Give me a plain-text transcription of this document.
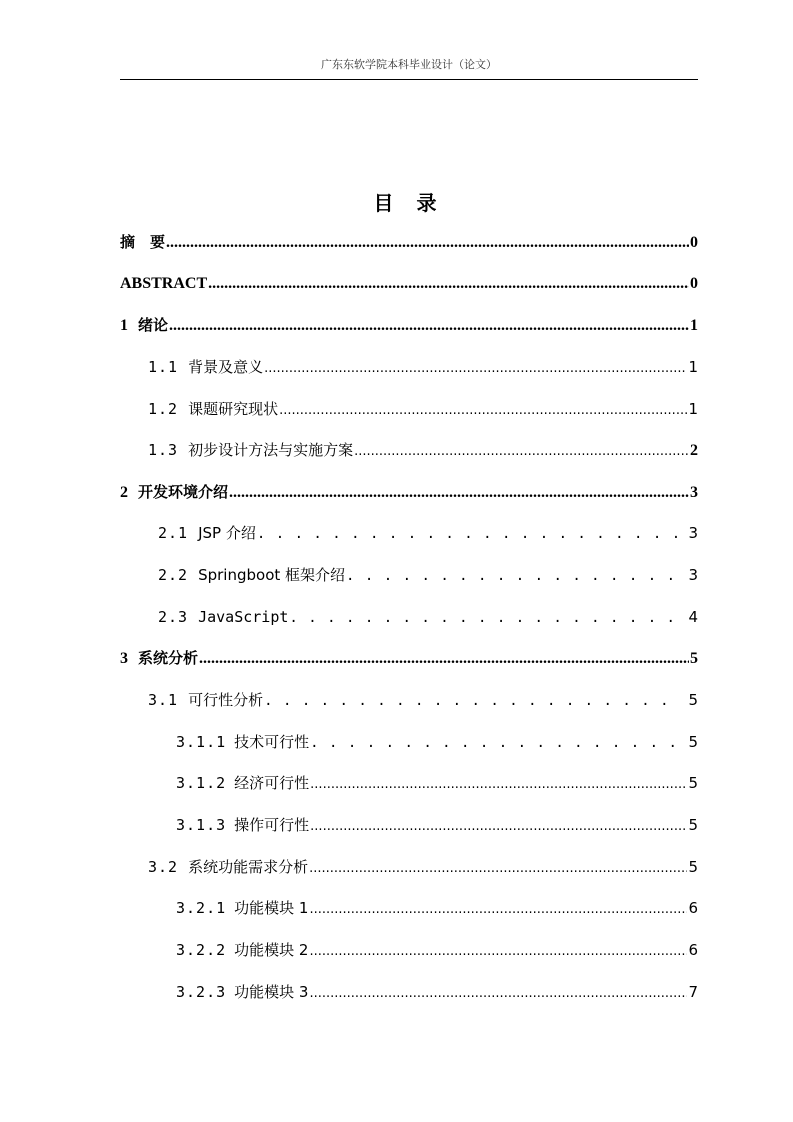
广东东软学院本科毕业设计（论文）
目 录
摘　要 .....	0
ABSTRACT .....	0
1 绪论 .....	1
1.1 背景及意义 .....	1
1.2 课题研究现状 .....	1
1.3 初步设计方法与实施方案 .....	2
2 开发环境介绍 .....	3
2.1 JSP 介绍 . . .	3
2.2 Springboot 框架介绍 . . .	3
2.3 JavaScript . . .	4
3 系统分析 .....	5
3.1 可行性分析 . . .	5
3.1.1 技术可行性 . . .	5
3.1.2 经济可行性 .....	5
3.1.3 操作可行性 .....	5
3.2 系统功能需求分析 .....	5
3.2.1 功能模块 1 .....	6
3.2.2 功能模块 2 .....	6
3.2.3 功能模块 3 .....	7
